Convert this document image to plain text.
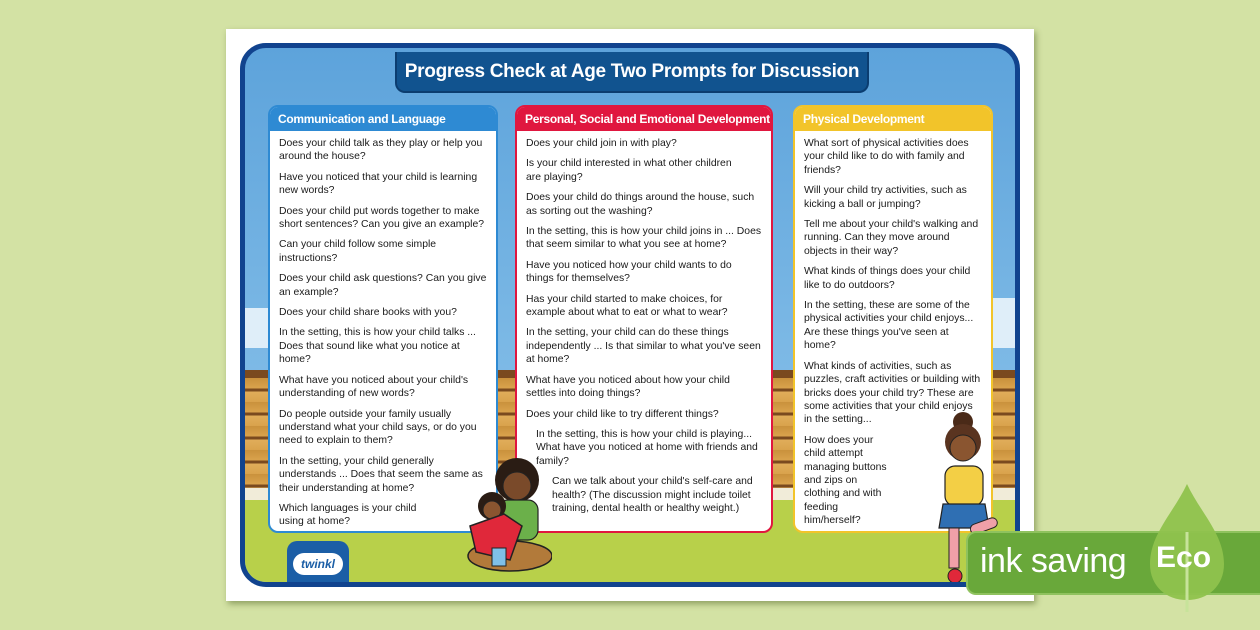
Progress Check at Age Two Prompts for Discussion
Communication and Language

Does your child talk as they play or help you around the house?

Have you noticed that your child is learning new words?

Does your child put words together to make short sentences? Can you give an example?

Can your child follow some simple instructions?

Does your child ask questions? Can you give an example?

Does your child share books with you?

In the setting, this is how your child talks ... Does that sound like what you notice at home?

What have you noticed about your child's understanding of new words?

Do people outside your family usually understand what your child says, or do you need to explain to them?

In the setting, your child generally understands ... Does that seem the same as their understanding at home?

Which languages is your child using at home?

Personal, Social and Emotional Development

Does your child join in with play?

Is your child interested in what other children are playing?

Does your child do things around the house, such as sorting out the washing?

In the setting, this is how your child joins in ... Does that seem similar to what you see at home?

Have you noticed how your child wants to do things for themselves?

Has your child started to make choices, for example about what to eat or what to wear?

In the setting, your child can do these things independently ... Is that similar to what you've seen at home?

What have you noticed about how your child settles into doing things?

Does your child like to try different things?

In the setting, this is how your child is playing... What have you noticed at home with friends and family?

Can we talk about your child's self-care and health? (The discussion might include toilet training, dental health or healthy weight.)

Physical Development

What sort of physical activities does your child like to do with family and friends?

Will your child try activities, such as kicking a ball or jumping?

Tell me about your child's walking and running. Can they move around objects in their way?

What kinds of things does your child like to do outdoors?

In the setting, these are some of the physical activities your child enjoys... Are these things you've seen at home?

What kinds of activities, such as puzzles, craft activities or building with bricks does your child try? These are some activities that your child enjoys in the setting...

How does your child attempt managing buttons and zips on clothing and with feeding him/herself?

twinkl	ink saving Eco
